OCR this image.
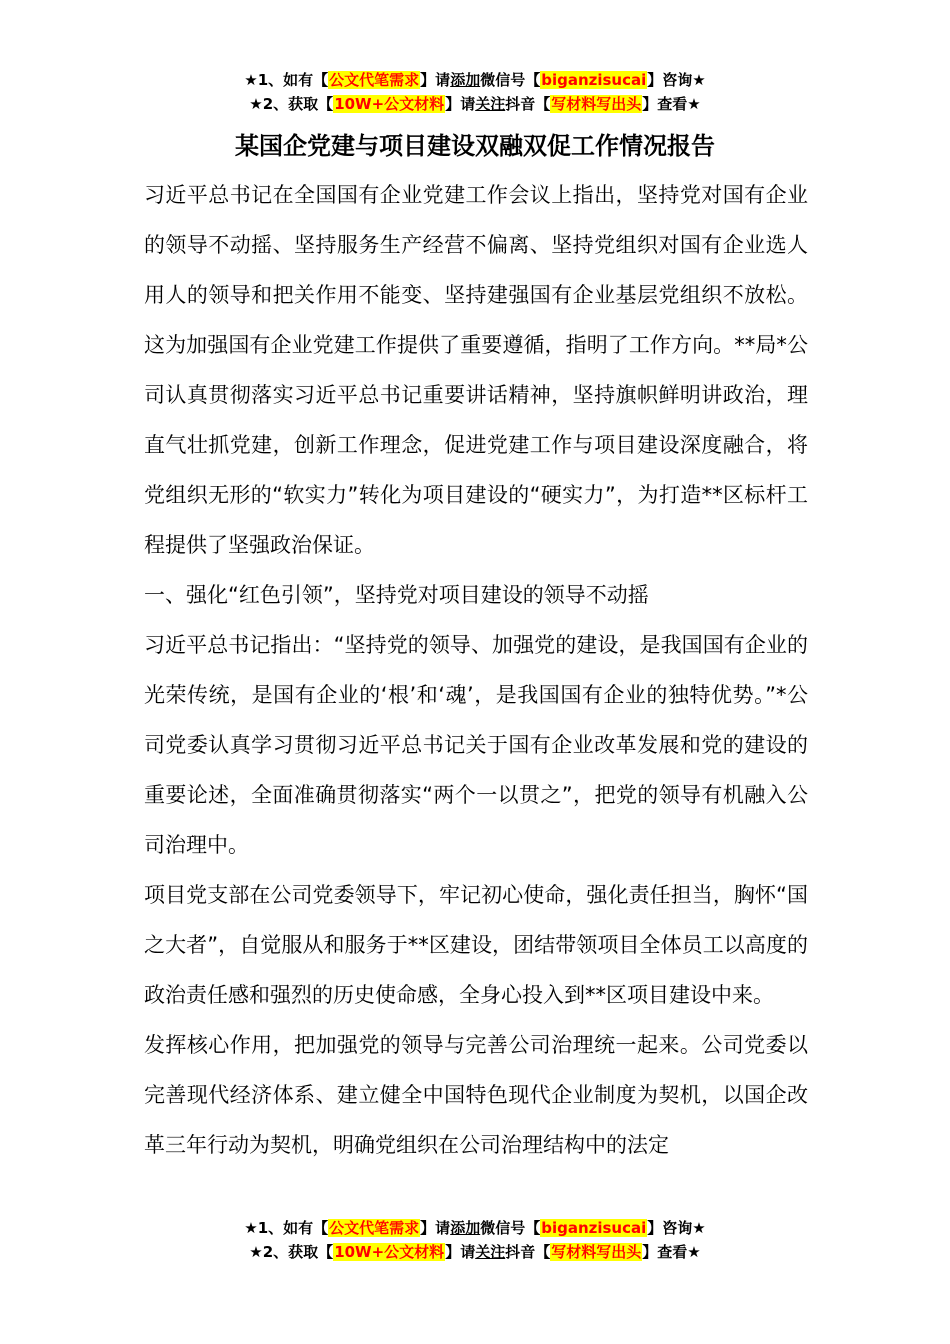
★1、如有【公文代笔需求】请添加微信号【biganzisucai】咨询★
★2、获取【10W+公文材料】请关注抖音【写材料写出头】查看★
某国企党建与项目建设双融双促工作情况报告

习近平总书记在全国国有企业党建工作会议上指出，坚持党对国有企业的领导不动摇、坚持服务生产经营不偏离、坚持党组织对国有企业选人用人的领导和把关作用不能变、坚持建强国有企业基层党组织不放松。这为加强国有企业党建工作提供了重要遵循，指明了工作方向。**局*公司认真贯彻落实习近平总书记重要讲话精神，坚持旗帜鲜明讲政治，理直气壮抓党建，创新工作理念，促进党建工作与项目建设深度融合，将党组织无形的“软实力”转化为项目建设的“硬实力”，为打造**区标杆工程提供了坚强政治保证。

一、强化“红色引领”，坚持党对项目建设的领导不动摇

习近平总书记指出：“坚持党的领导、加强党的建设，是我国国有企业的光荣传统，是国有企业的‘根’和‘魂’，是我国国有企业的独特优势。”*公司党委认真学习贯彻习近平总书记关于国有企业改革发展和党的建设的重要论述，全面准确贯彻落实“两个一以贯之”，把党的领导有机融入公司治理中。

项目党支部在公司党委领导下，牢记初心使命，强化责任担当，胸怀“国之大者”，自觉服从和服务于**区建设，团结带领项目全体员工以高度的政治责任感和强烈的历史使命感，全身心投入到**区项目建设中来。

发挥核心作用，把加强党的领导与完善公司治理统一起来。公司党委以完善现代经济体系、建立健全中国特色现代企业制度为契机，以国企改革三年行动为契机，明确党组织在公司治理结构中的法定

★1、如有【公文代笔需求】请添加微信号【biganzisucai】咨询★
★2、获取【10W+公文材料】请关注抖音【写材料写出头】查看★
